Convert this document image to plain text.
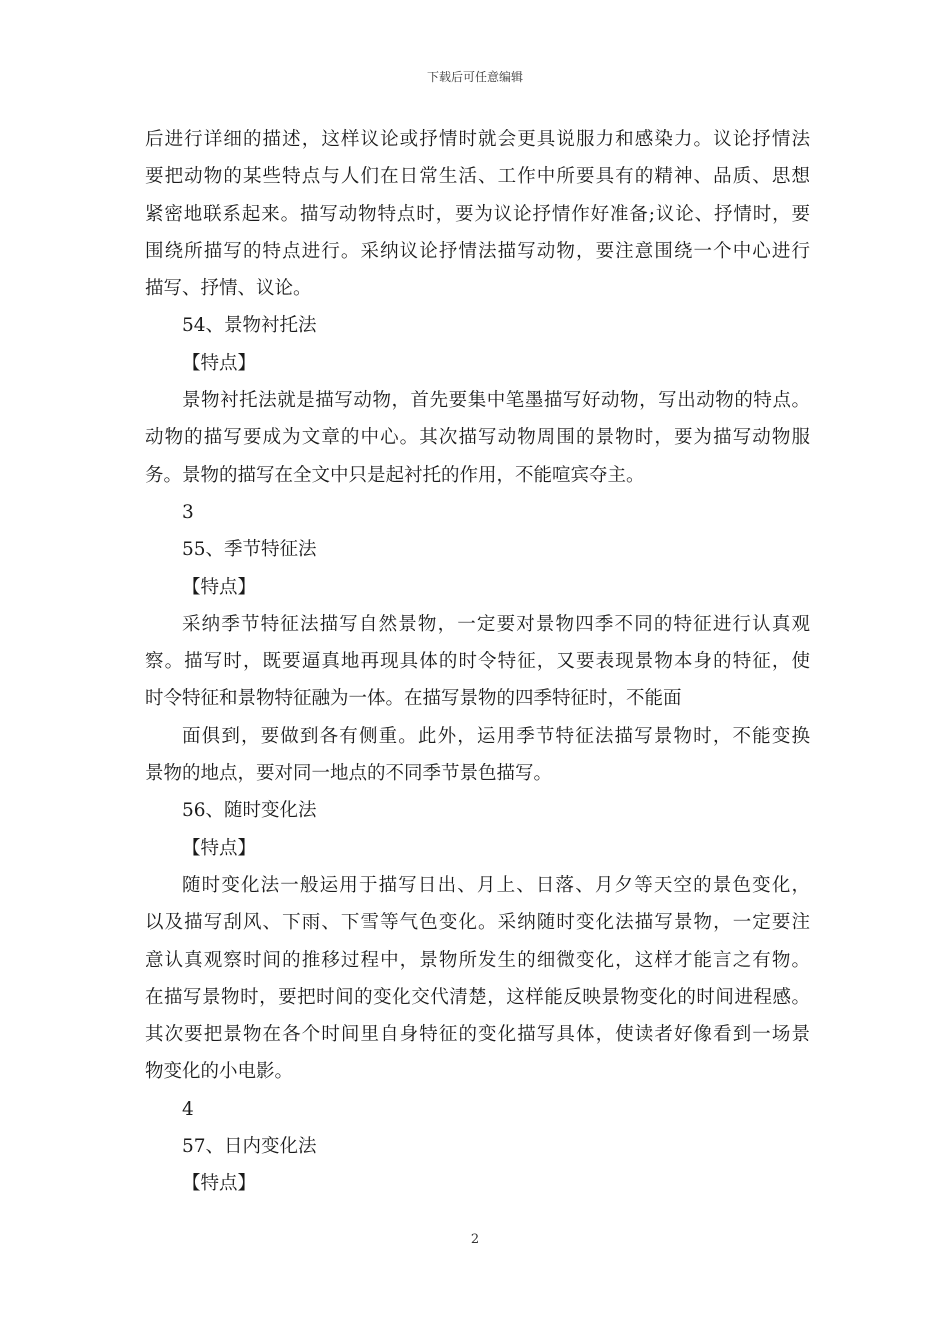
下载后可任意编辑
后进行详细的描述，这样议论或抒情时就会更具说服力和感染力。议论抒情法
要把动物的某些特点与人们在日常生活、工作中所要具有的精神、品质、思想
紧密地联系起来。描写动物特点时，要为议论抒情作好准备;议论、抒情时，要
围绕所描写的特点进行。采纳议论抒情法描写动物，要注意围绕一个中心进行
描写、抒情、议论。
54、景物衬托法
【特点】
景物衬托法就是描写动物，首先要集中笔墨描写好动物，写出动物的特点。
动物的描写要成为文章的中心。其次描写动物周围的景物时，要为描写动物服
务。景物的描写在全文中只是起衬托的作用，不能喧宾夺主。
3
55、季节特征法
【特点】
采纳季节特征法描写自然景物，一定要对景物四季不同的特征进行认真观
察。描写时，既要逼真地再现具体的时令特征，又要表现景物本身的特征，使
时令特征和景物特征融为一体。在描写景物的四季特征时，不能面
面俱到，要做到各有侧重。此外，运用季节特征法描写景物时，不能变换
景物的地点，要对同一地点的不同季节景色描写。
56、随时变化法
【特点】
随时变化法一般运用于描写日出、月上、日落、月夕等天空的景色变化，
以及描写刮风、下雨、下雪等气色变化。采纳随时变化法描写景物，一定要注
意认真观察时间的推移过程中，景物所发生的细微变化，这样才能言之有物。
在描写景物时，要把时间的变化交代清楚，这样能反映景物变化的时间进程感。
其次要把景物在各个时间里自身特征的变化描写具体，使读者好像看到一场景
物变化的小电影。
4
57、日内变化法
【特点】
2
